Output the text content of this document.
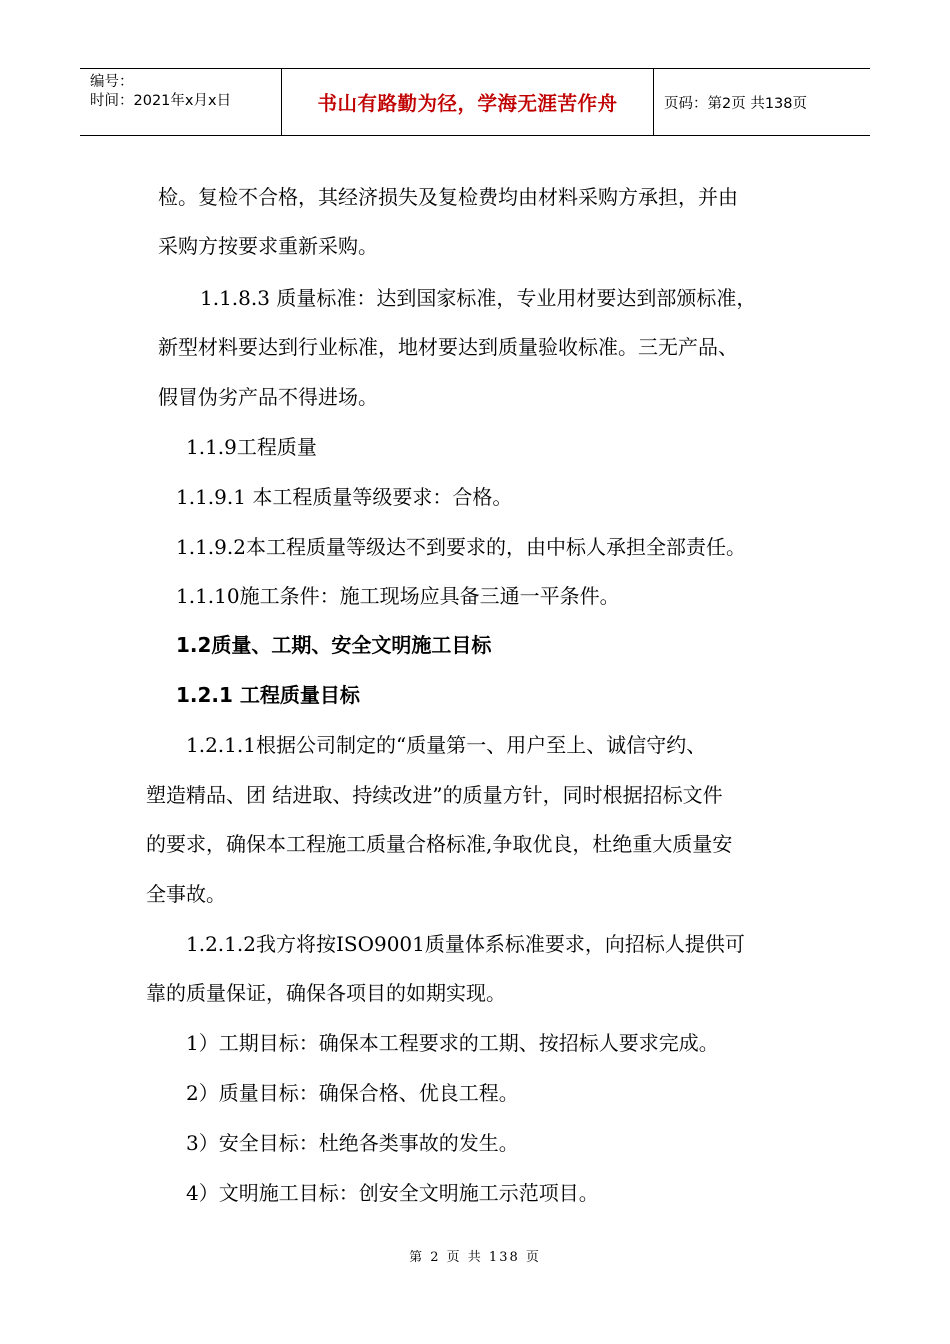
编号：
时间：2021年x月x日	书山有路勤为径，学海无涯苦作舟	页码：第2页 共138页
检。复检不合格，其经济损失及复检费均由材料采购方承担，并由
采购方按要求重新采购。
1.1.8.3 质量标准：达到国家标准，专业用材要达到部颁标准，
新型材料要达到行业标准，地材要达到质量验收标准。三无产品、
假冒伪劣产品不得进场。
1.1.9工程质量
1.1.9.1 本工程质量等级要求：合格。
1.1.9.2本工程质量等级达不到要求的，由中标人承担全部责任。
1.1.10施工条件：施工现场应具备三通一平条件。
1.2质量、工期、安全文明施工目标
1.2.1 工程质量目标
1.2.1.1根据公司制定的“质量第一、用户至上、诚信守约、
塑造精品、团 结进取、持续改进”的质量方针，同时根据招标文件
的要求，确保本工程施工质量合格标准,争取优良，杜绝重大质量安
全事故。
1.2.1.2我方将按ISO9001质量体系标准要求，向招标人提供可
靠的质量保证，确保各项目的如期实现。
1）工期目标：确保本工程要求的工期、按招标人要求完成。
2）质量目标：确保合格、优良工程。
3）安全目标：杜绝各类事故的发生。
4）文明施工目标：创安全文明施工示范项目。
第 2 页 共 138 页
